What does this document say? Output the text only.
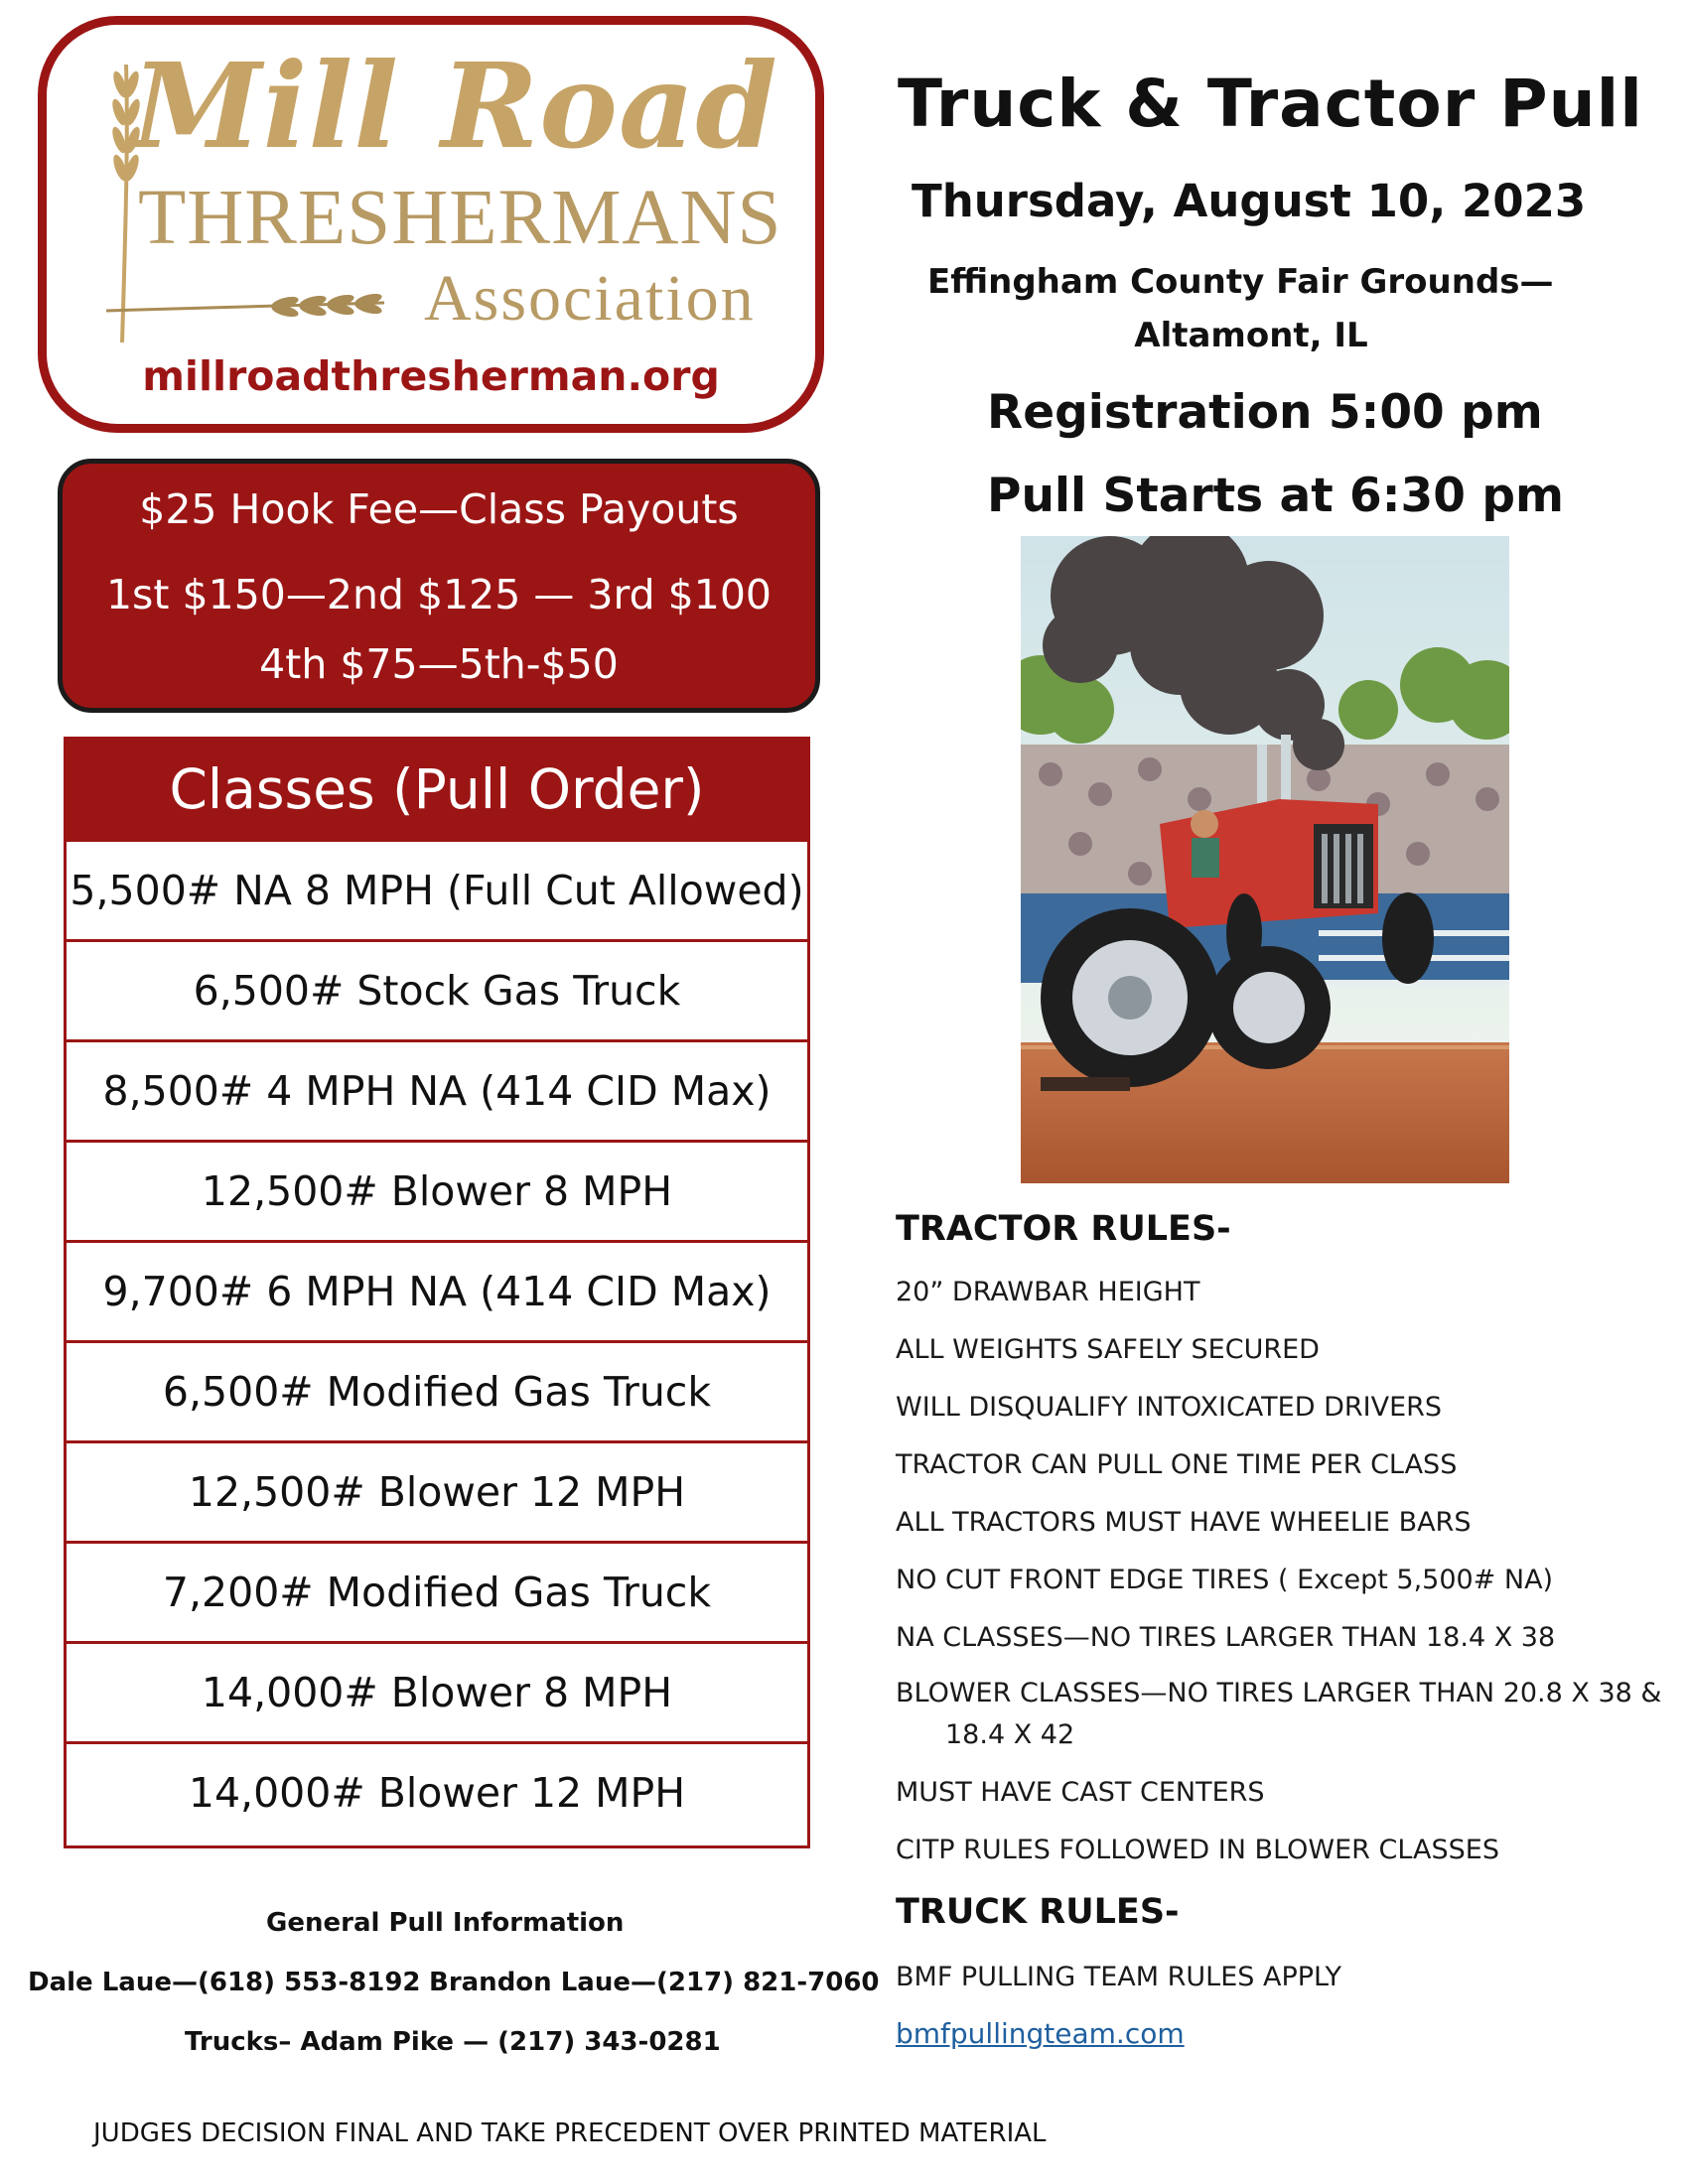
Mill Road
THRESHERMANS
Association
millroadthresherman.org
$25 Hook Fee—Class Payouts
1st $150—2nd $125 — 3rd $100
4th $75—5th-$50
Classes (Pull Order)
5,500# NA 8 MPH (Full Cut Allowed)
6,500# Stock Gas Truck
8,500# 4 MPH NA (414 CID Max)
12,500# Blower 8 MPH
9,700# 6 MPH NA (414 CID Max)
6,500# Modified Gas Truck
12,500# Blower 12 MPH
7,200# Modified Gas Truck
14,000# Blower 8 MPH
14,000# Blower 12 MPH
General Pull Information
Dale Laue—(618) 553-8192 Brandon Laue—(217) 821-7060
Trucks– Adam Pike — (217) 343-0281
JUDGES DECISION FINAL AND TAKE PRECEDENT OVER PRINTED MATERIAL
Truck & Tractor Pull
Thursday, August 10, 2023
Effingham County Fair Grounds—
Altamont, IL
Registration 5:00 pm
Pull Starts at 6:30 pm
TRACTOR RULES-
20” DRAWBAR HEIGHT
ALL WEIGHTS SAFELY SECURED
WILL DISQUALIFY INTOXICATED DRIVERS
TRACTOR CAN PULL ONE TIME PER CLASS
ALL TRACTORS MUST HAVE WHEELIE BARS
NO CUT FRONT EDGE TIRES ( Except 5,500# NA)
NA CLASSES—NO TIRES LARGER THAN 18.4 X 38
BLOWER CLASSES—NO TIRES LARGER THAN 20.8 X 38 &
18.4 X 42
MUST HAVE CAST CENTERS
CITP RULES FOLLOWED IN BLOWER CLASSES
TRUCK RULES-
BMF PULLING TEAM RULES APPLY
bmfpullingteam.com
